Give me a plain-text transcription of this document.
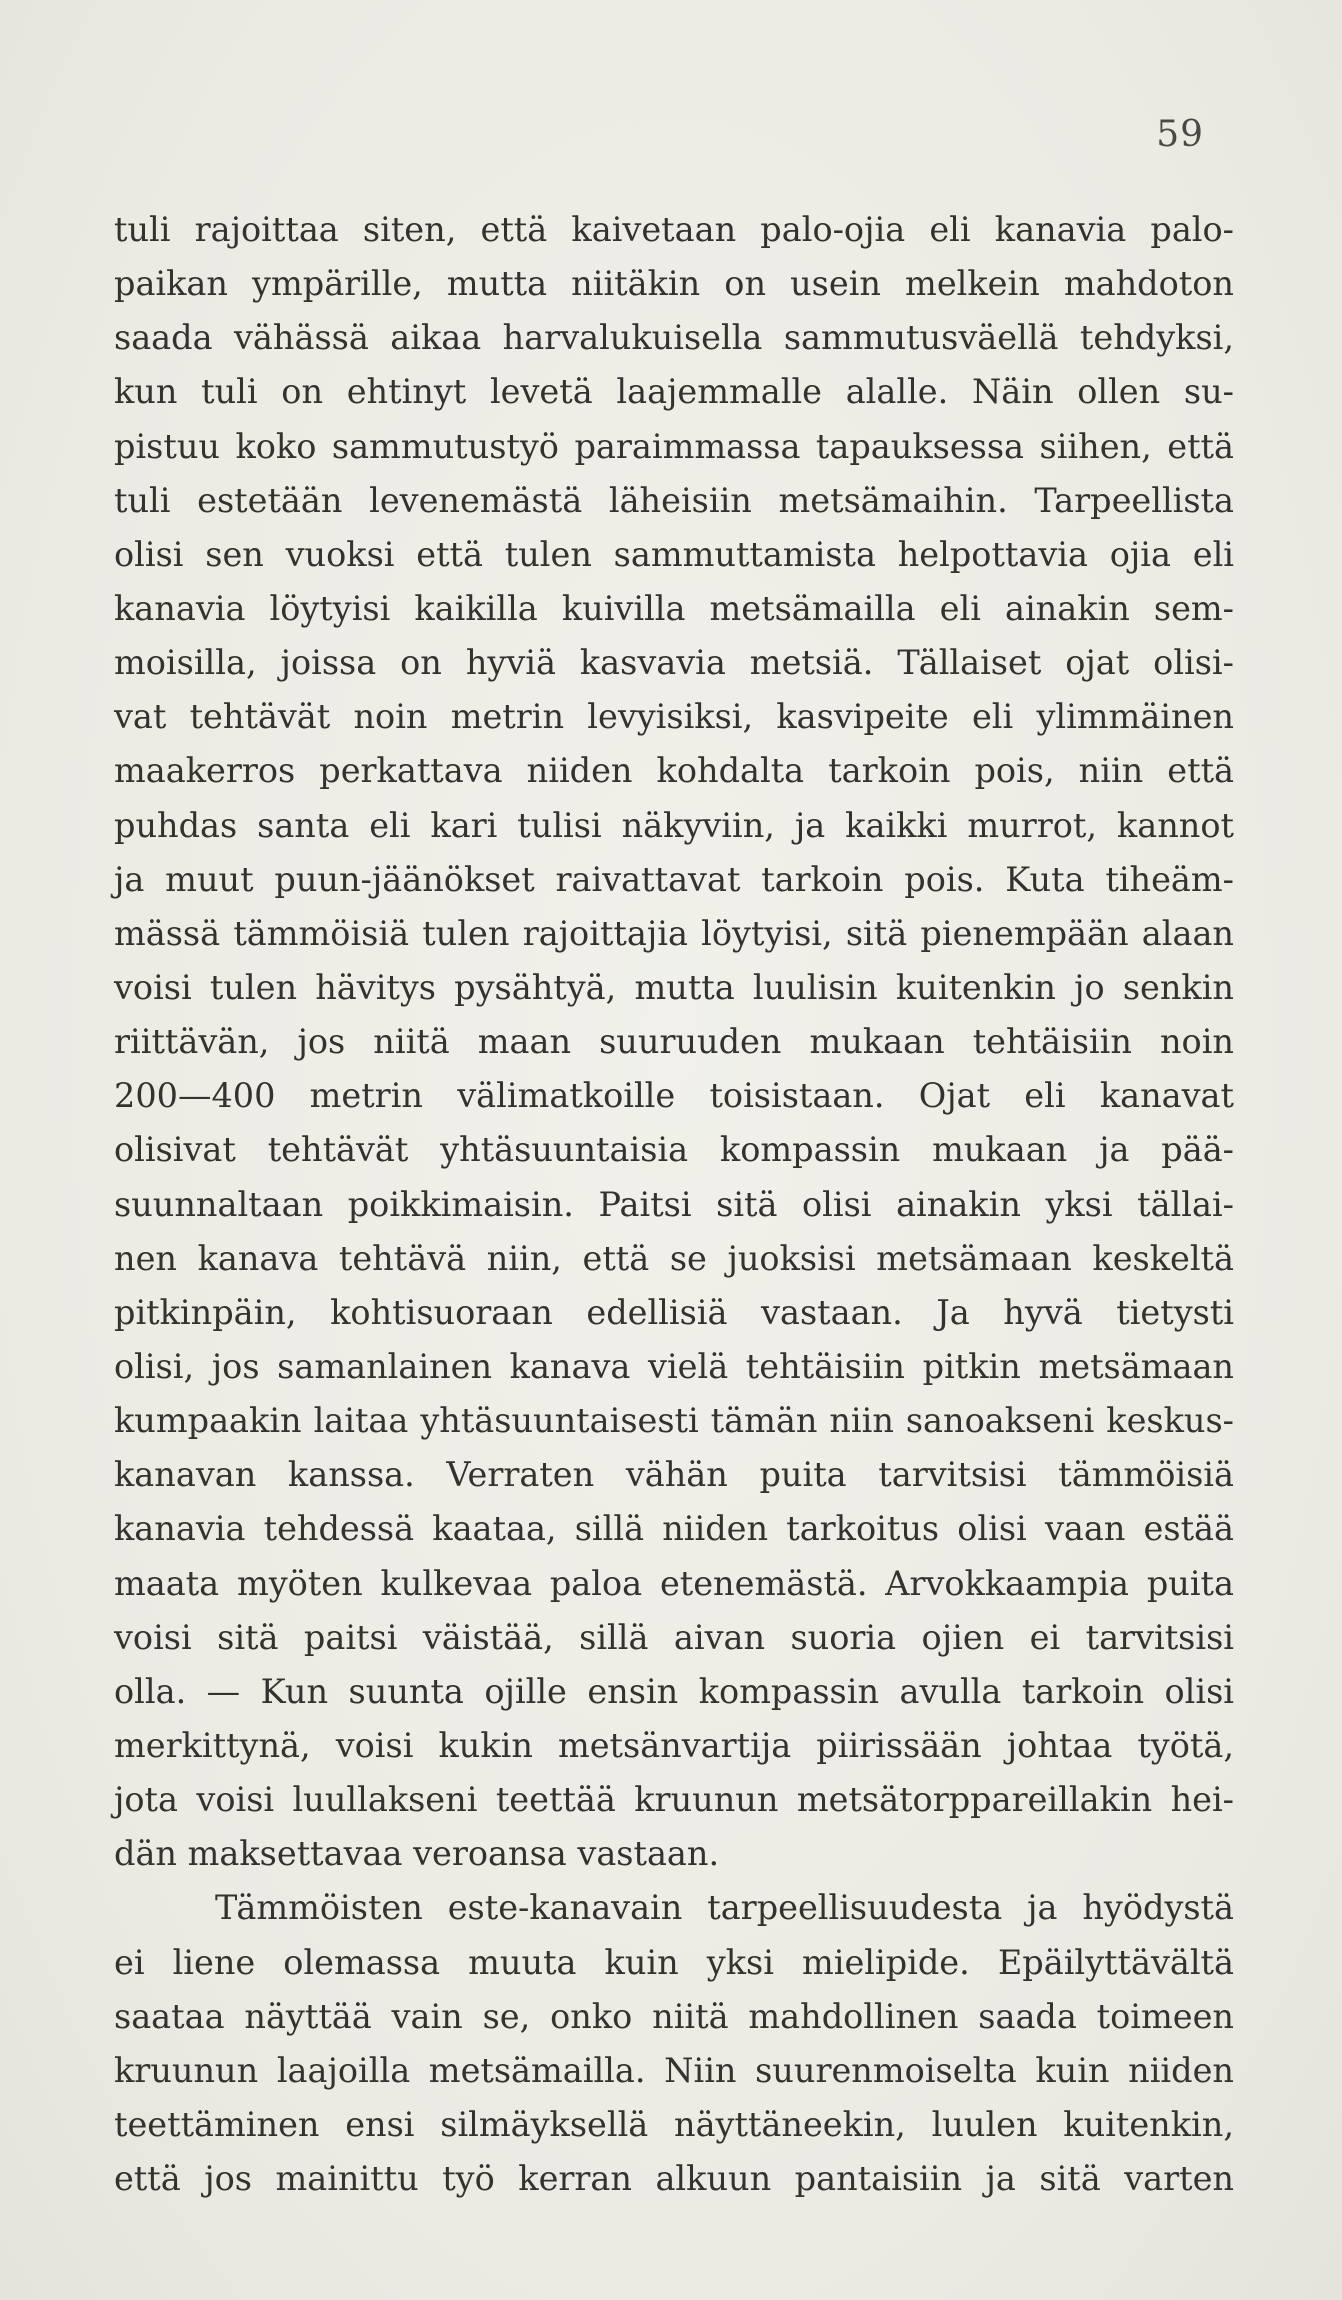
59
tuli rajoittaa siten, että kaivetaan palo-ojia eli kanavia palo-
paikan ympärille, mutta niitäkin on usein melkein mahdoton
saada vähässä aikaa harvalukuisella sammutusväellä tehdyksi,
kun tuli on ehtinyt levetä laajemmalle alalle. Näin ollen su-
pistuu koko sammutustyö paraimmassa tapauksessa siihen, että
tuli estetään levenemästä läheisiin metsämaihin. Tarpeellista
olisi sen vuoksi että tulen sammuttamista helpottavia ojia eli
kanavia löytyisi kaikilla kuivilla metsämailla eli ainakin sem-
moisilla, joissa on hyviä kasvavia metsiä. Tällaiset ojat olisi-
vat tehtävät noin metrin levyisiksi, kasvipeite eli ylimmäinen
maakerros perkattava niiden kohdalta tarkoin pois, niin että
puhdas santa eli kari tulisi näkyviin, ja kaikki murrot, kannot
ja muut puun-jäänökset raivattavat tarkoin pois. Kuta tiheäm-
mässä tämmöisiä tulen rajoittajia löytyisi, sitä pienempään alaan
voisi tulen hävitys pysähtyä, mutta luulisin kuitenkin jo senkin
riittävän, jos niitä maan suuruuden mukaan tehtäisiin noin
200—400 metrin välimatkoille toisistaan. Ojat eli kanavat
olisivat tehtävät yhtäsuuntaisia kompassin mukaan ja pää-
suunnaltaan poikkimaisin. Paitsi sitä olisi ainakin yksi tällai-
nen kanava tehtävä niin, että se juoksisi metsämaan keskeltä
pitkinpäin, kohtisuoraan edellisiä vastaan. Ja hyvä tietysti
olisi, jos samanlainen kanava vielä tehtäisiin pitkin metsämaan
kumpaakin laitaa yhtäsuuntaisesti tämän niin sanoakseni keskus-
kanavan kanssa. Verraten vähän puita tarvitsisi tämmöisiä
kanavia tehdessä kaataa, sillä niiden tarkoitus olisi vaan estää
maata myöten kulkevaa paloa etenemästä. Arvokkaampia puita
voisi sitä paitsi väistää, sillä aivan suoria ojien ei tarvitsisi
olla. — Kun suunta ojille ensin kompassin avulla tarkoin olisi
merkittynä, voisi kukin metsänvartija piirissään johtaa työtä,
jota voisi luullakseni teettää kruunun metsätorppareillakin hei-
dän maksettavaa veroansa vastaan.
Tämmöisten este-kanavain tarpeellisuudesta ja hyödystä
ei liene olemassa muuta kuin yksi mielipide. Epäilyttävältä
saataa näyttää vain se, onko niitä mahdollinen saada toimeen
kruunun laajoilla metsämailla. Niin suurenmoiselta kuin niiden
teettäminen ensi silmäyksellä näyttäneekin, luulen kuitenkin,
että jos mainittu työ kerran alkuun pantaisiin ja sitä varten
